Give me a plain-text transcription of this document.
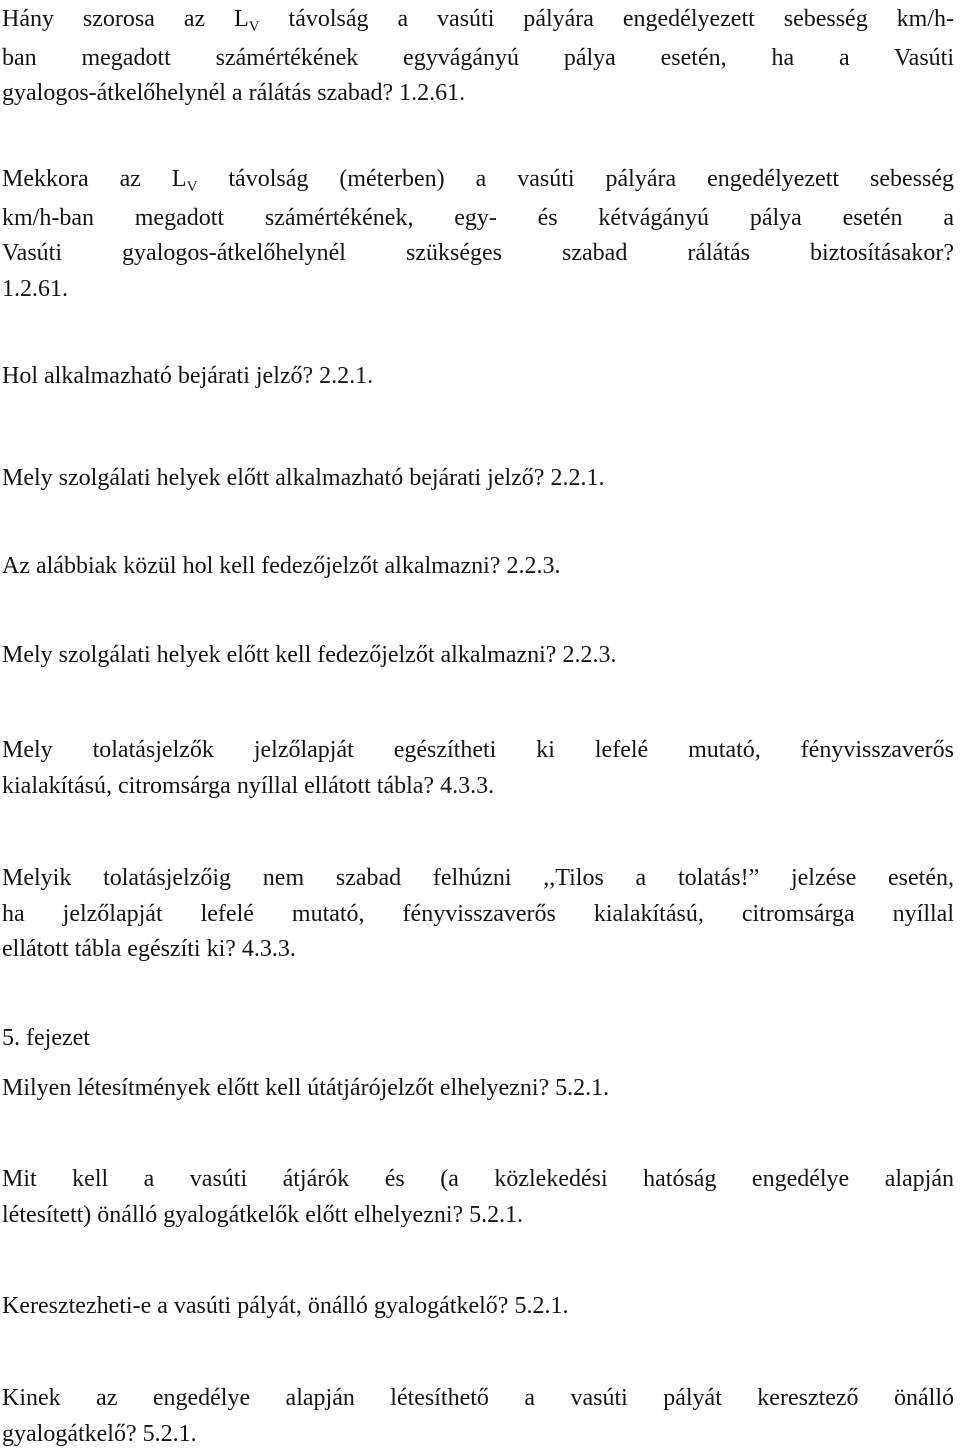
Hány szorosa az $L_V$ távolság a vasúti pályára engedélyezett sebesség km/h-
ban megadott számértékének egyvágányú pálya esetén, ha a Vasúti
gyalogos-átkelőhelynél a rálátás szabad? 1.2.61.
Mekkora az $L_V$ távolság (méterben) a vasúti pályára engedélyezett sebesség
km/h-ban megadott számértékének, egy- és kétvágányú pálya esetén a
Vasúti gyalogos-átkelőhelynél szükséges szabad rálátás biztosításakor?
1.2.61.
Hol alkalmazható bejárati jelző? 2.2.1.
Mely szolgálati helyek előtt alkalmazható bejárati jelző? 2.2.1.
Az alábbiak közül hol kell fedezőjelzőt alkalmazni? 2.2.3.
Mely szolgálati helyek előtt kell fedezőjelzőt alkalmazni? 2.2.3.
Mely tolatásjelzők jelzőlapját egészítheti ki lefelé mutató, fényvisszaverős
kialakítású, citromsárga nyíllal ellátott tábla? 4.3.3.
Melyik tolatásjelzőig nem szabad felhúzni ,,Tilos a tolatás!” jelzése esetén,
ha jelzőlapját lefelé mutató, fényvisszaverős kialakítású, citromsárga nyíllal
ellátott tábla egészíti ki? 4.3.3.
5. fejezet
Milyen létesítmények előtt kell útátjárójelzőt elhelyezni? 5.2.1.
Mit kell a vasúti átjárók és (a közlekedési hatóság engedélye alapján
létesített) önálló gyalogátkelők előtt elhelyezni? 5.2.1.
Keresztezheti-e a vasúti pályát, önálló gyalogátkelő? 5.2.1.
Kinek az engedélye alapján létesíthető a vasúti pályát keresztező önálló
gyalogátkelő? 5.2.1.
